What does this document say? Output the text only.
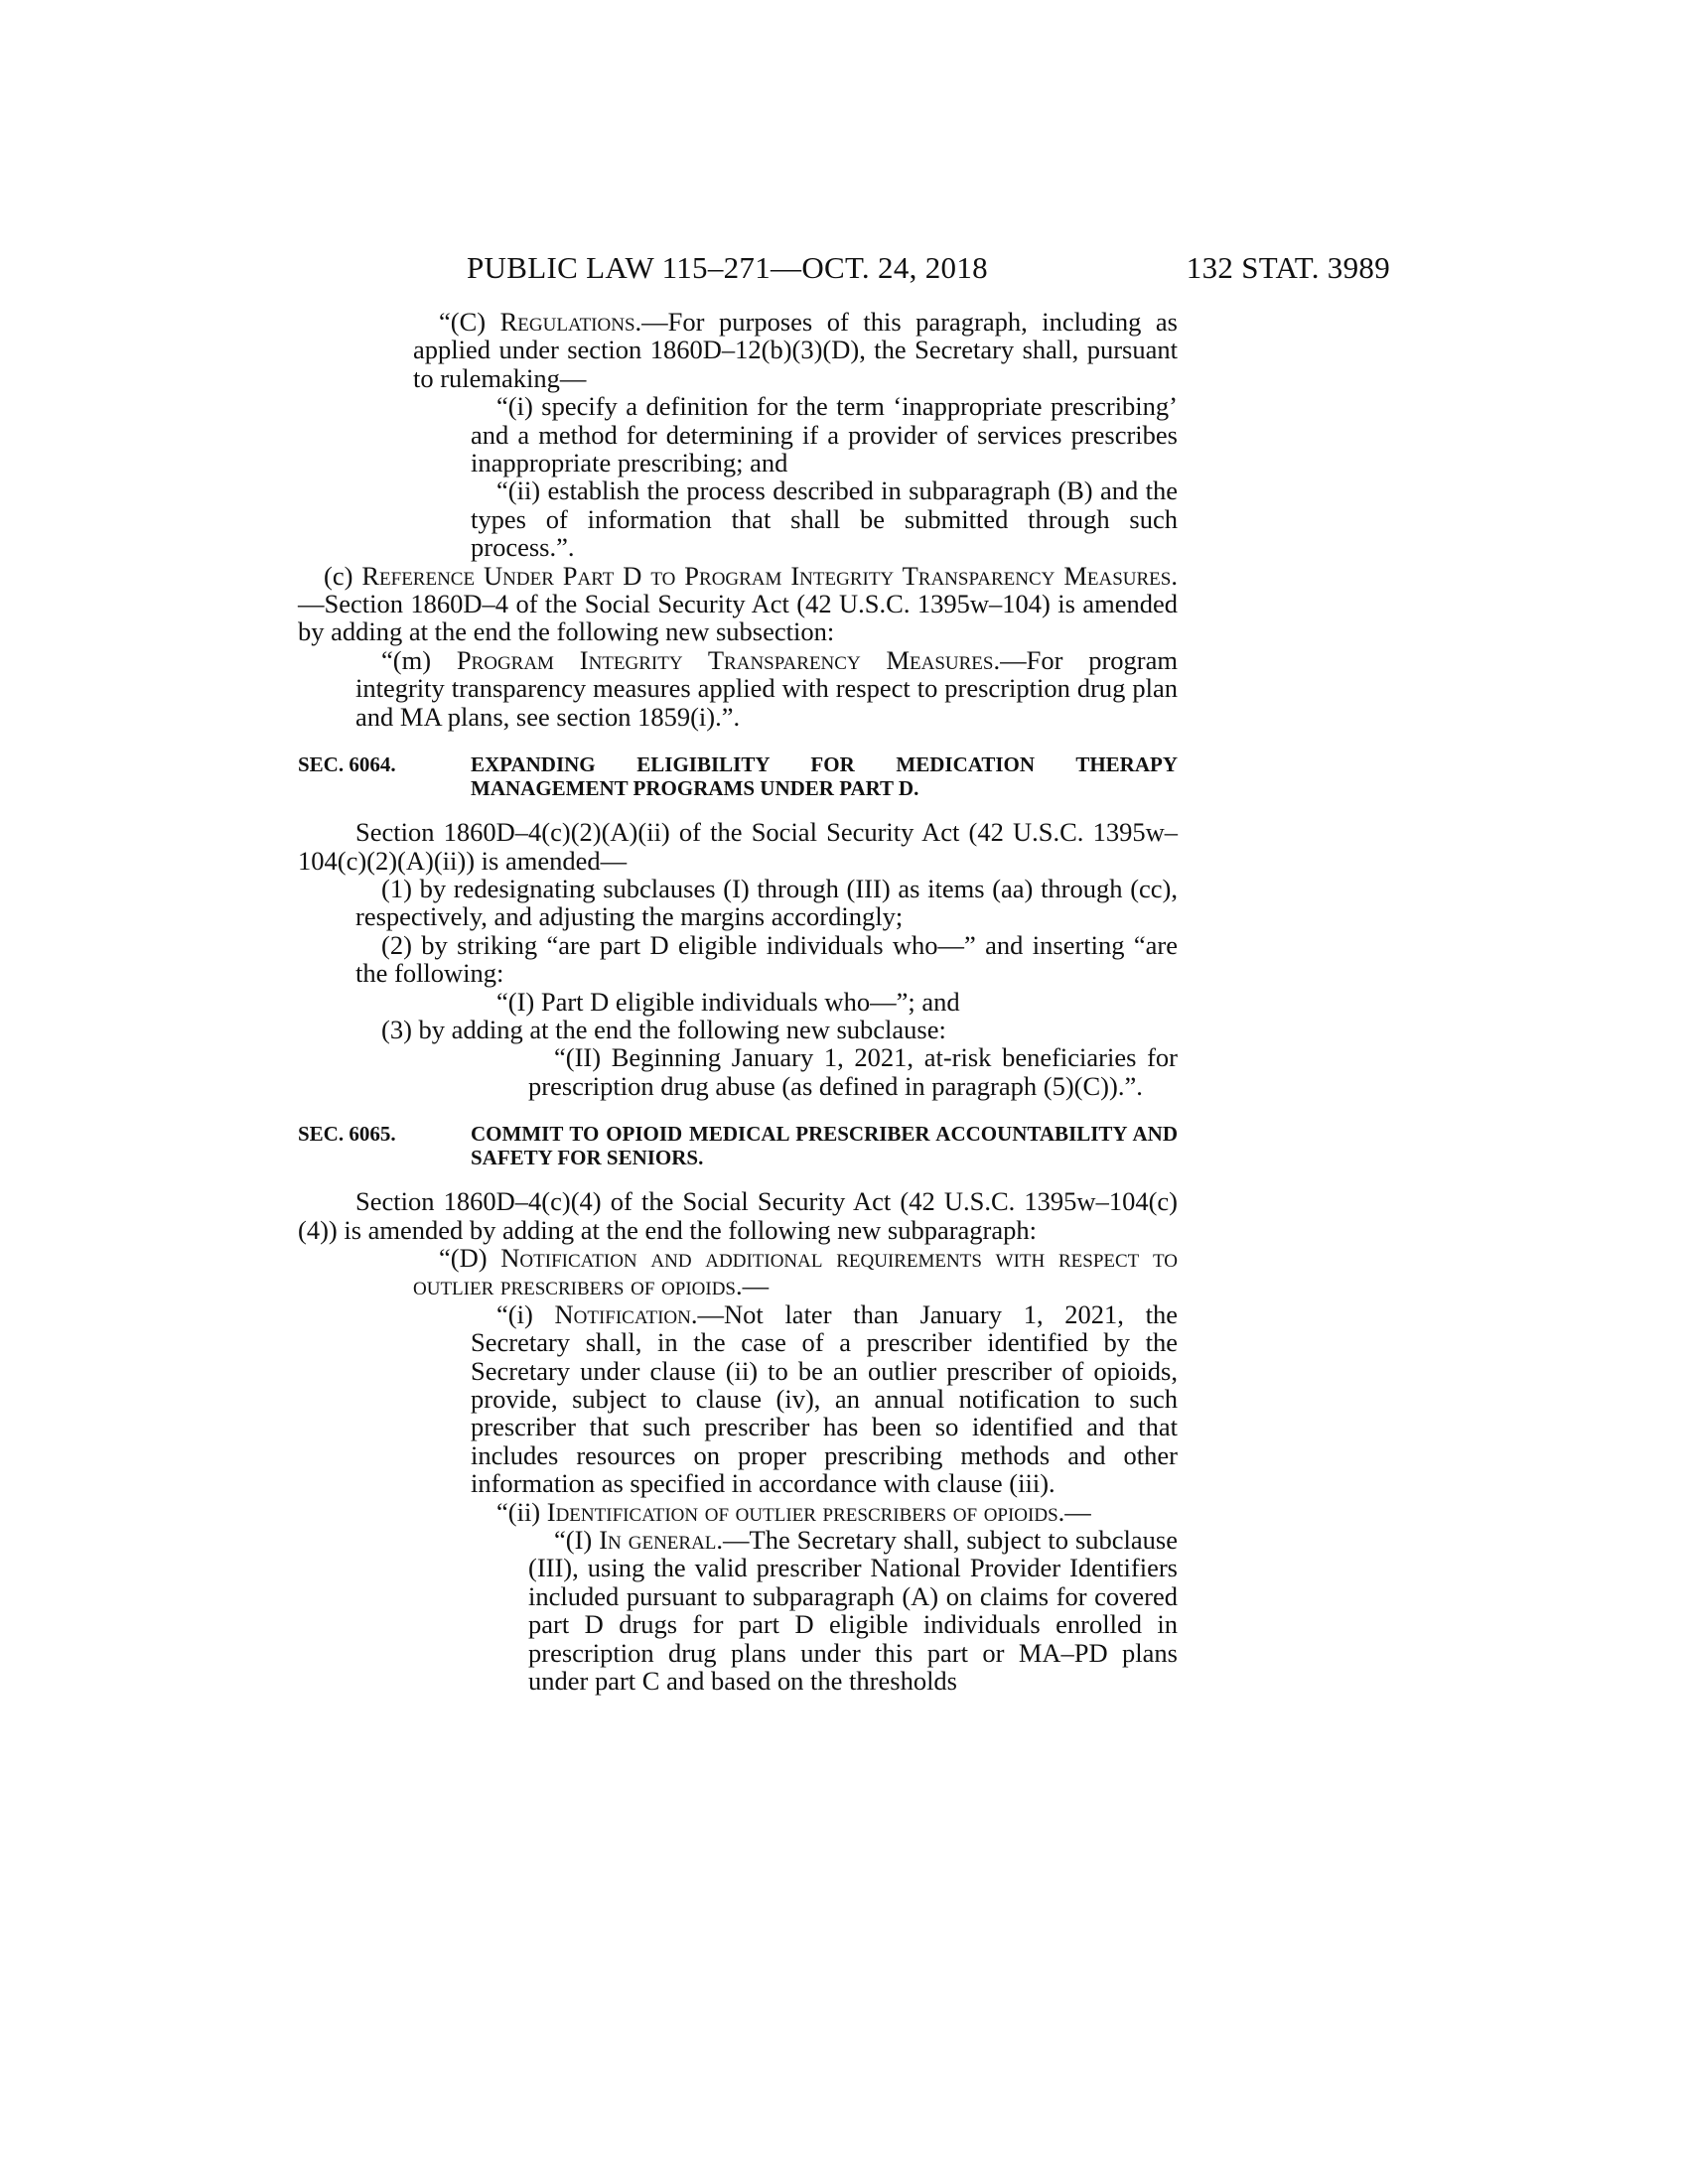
PUBLIC LAW 115–271—OCT. 24, 2018	132 STAT. 3989

“(C) Regulations.—For purposes of this paragraph, including as applied under section 1860D–12(b)(3)(D), the Secretary shall, pursuant to rulemaking—

“(i) specify a definition for the term ‘inappropriate prescribing’ and a method for determining if a provider of services prescribes inappropriate prescribing; and

“(ii) establish the process described in subparagraph (B) and the types of information that shall be submitted through such process.”.

(c) Reference Under Part D to Program Integrity Transparency Measures.—Section 1860D–4 of the Social Security Act (42 U.S.C. 1395w–104) is amended by adding at the end the following new subsection:

“(m) Program Integrity Transparency Measures.—For program integrity transparency measures applied with respect to prescription drug plan and MA plans, see section 1859(i).”.

SEC. 6064.	EXPANDING ELIGIBILITY FOR MEDICATION THERAPY MANAGEMENT PROGRAMS UNDER PART D.

Section 1860D–4(c)(2)(A)(ii) of the Social Security Act (42 U.S.C. 1395w–104(c)(2)(A)(ii)) is amended—

(1) by redesignating subclauses (I) through (III) as items (aa) through (cc), respectively, and adjusting the margins accordingly;

(2) by striking “are part D eligible individuals who—” and inserting “are the following:

“(I) Part D eligible individuals who—”; and

(3) by adding at the end the following new subclause:

“(II) Beginning January 1, 2021, at-risk beneficiaries for prescription drug abuse (as defined in paragraph (5)(C)).”.

SEC. 6065.	COMMIT TO OPIOID MEDICAL PRESCRIBER ACCOUNTABILITY AND SAFETY FOR SENIORS.

Section 1860D–4(c)(4) of the Social Security Act (42 U.S.C. 1395w–104(c)(4)) is amended by adding at the end the following new subparagraph:

“(D) Notification and additional requirements with respect to outlier prescribers of opioids.—

“(i) Notification.—Not later than January 1, 2021, the Secretary shall, in the case of a prescriber identified by the Secretary under clause (ii) to be an outlier prescriber of opioids, provide, subject to clause (iv), an annual notification to such prescriber that such prescriber has been so identified and that includes resources on proper prescribing methods and other information as specified in accordance with clause (iii).

“(ii) Identification of outlier prescribers of opioids.—

“(I) In general.—The Secretary shall, subject to subclause (III), using the valid prescriber National Provider Identifiers included pursuant to subparagraph (A) on claims for covered part D drugs for part D eligible individuals enrolled in prescription drug plans under this part or MA–PD plans under part C and based on the thresholds
